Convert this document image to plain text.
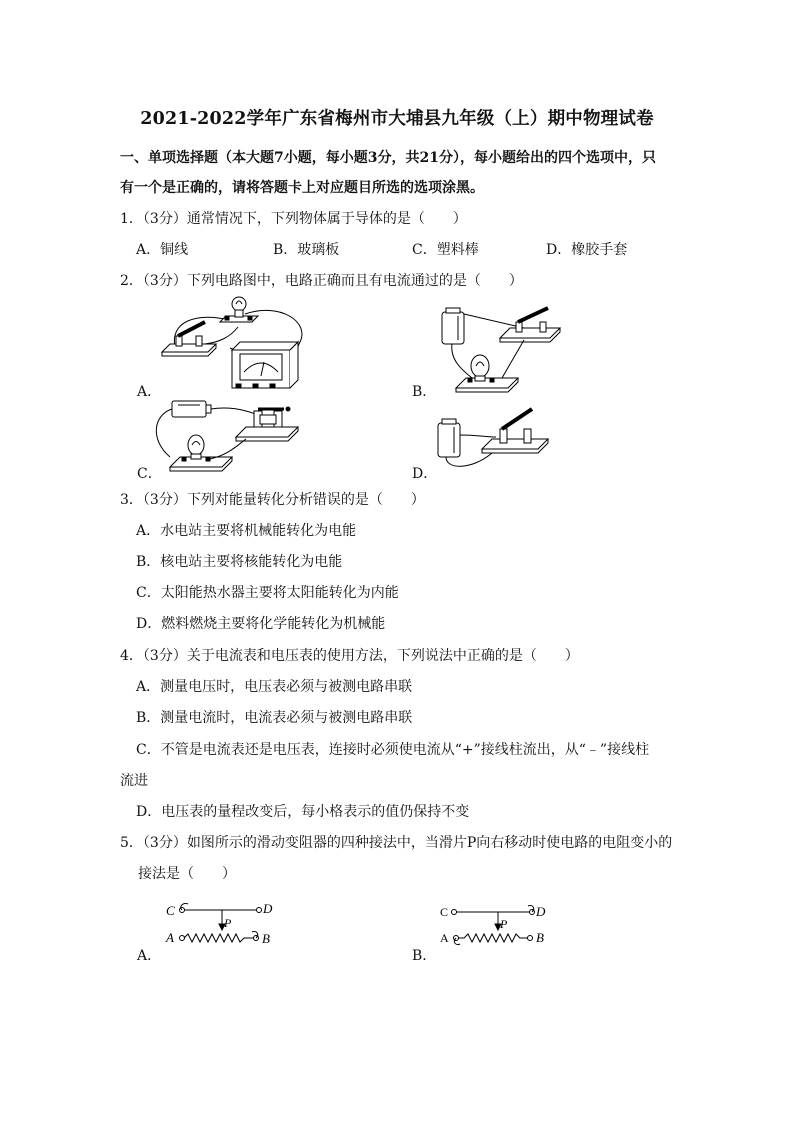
2021-2022学年广东省梅州市大埔县九年级（上）期中物理试卷
一、单项选择题（本大题7小题，每小题3分，共21分），每小题给出的四个选项中，只
有一个是正确的，请将答题卡上对应题目所选的选项涂黑。
1．（3分）通常情况下，下列物体属于导体的是（　　）
A．铜线	B．玻璃板	C．塑料棒	D．橡胶手套
2．（3分）下列电路图中，电路正确而且有电流通过的是（　　）
A．	B．
C．	D．
3．（3分）下列对能量转化分析错误的是（　　）
A．水电站主要将机械能转化为电能
B．核电站主要将核能转化为电能
C．太阳能热水器主要将太阳能转化为内能
D．燃料燃烧主要将化学能转化为机械能
4．（3分）关于电流表和电压表的使用方法，下列说法中正确的是（　　）
A．测量电压时，电压表必须与被测电路串联
B．测量电流时，电流表必须与被测电路串联
C．不管是电流表还是电压表，连接时必须使电流从“+”接线柱流出，从“﹣”接线柱
流进
D．电压表的量程改变后，每小格表示的值仍保持不变
5．（3分）如图所示的滑动变阻器的四种接法中，当滑片P向右移动时使电路的电阻变小的
接法是（　　）
C	D
P
A	B
A．
C	D
P
A	B
B．
